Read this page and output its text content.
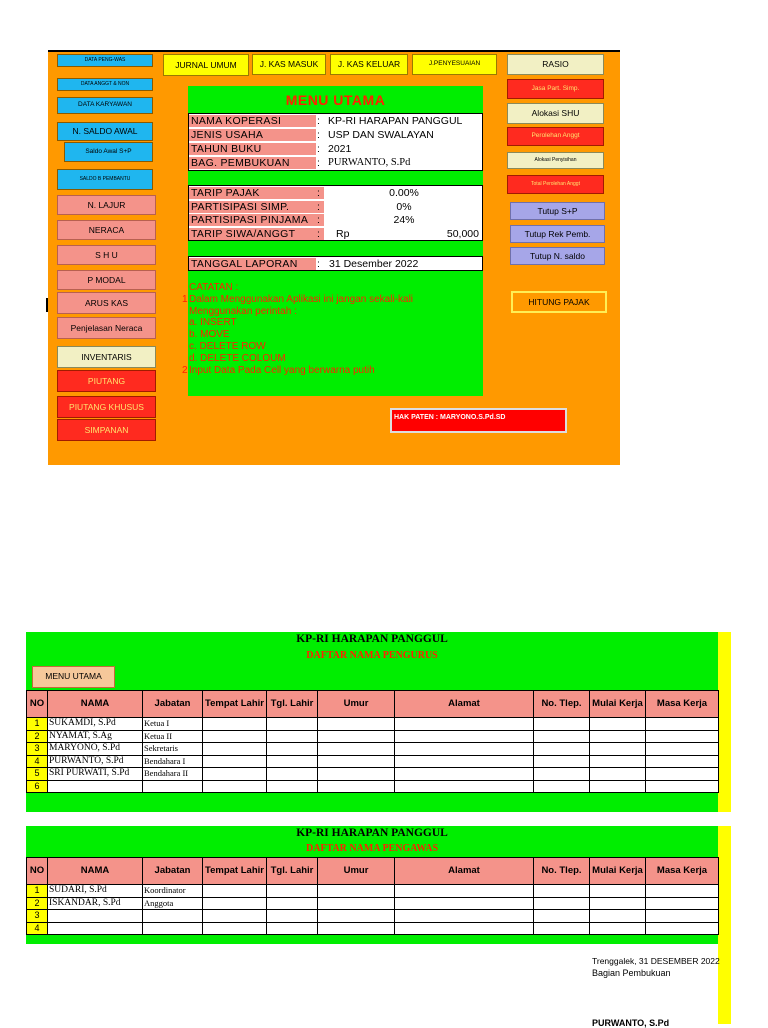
DATA PENG-WAS
DATA ANGGT & NON
DATA KARYAWAN
N. SALDO AWAL
Saldo Awal S+P
SALDO B PEMBANTU
N. LAJUR
NERACA
S H U
P MODAL
ARUS KAS
Penjelasan Neraca
INVENTARIS
PIUTANG
PIUTANG KHUSUS
SIMPANAN
JURNAL UMUM	J. KAS MASUK	J. KAS KELUAR	J.PENYESUAIAN	RASIO
Jasa Part. Simp.
Alokasi SHU
Perolehan Anggt
Alokasi Penyisihan
Total Perolehan Anggt
Tutup S+P
Tutup Rek Pemb.
Tutup N. saldo
HITUNG PAJAK
MENU UTAMA
NAMA KOPERASI	: KP-RI HARAPAN PANGGUL
JENIS USAHA	: USP DAN SWALAYAN
TAHUN BUKU	: 2021
BAG. PEMBUKUAN	: PURWANTO, S.Pd
TARIP PAJAK	:	0.00%
PARTISIPASI SIMP.	:	0%
PARTISIPASI PINJAMA :	24%
TARIP SIWA/ANGGT	: Rp	50,000
TANGGAL LAPORAN	: 31 Desember 2022
CATATAN :
1 Dalam Menggunakan Aplikasi ini jangan sekali-kali
Menggunakan perintah :
a. INSERT
b. MOVE
c. DELETE ROW
d. DELETE COLOUM
2 Input Data Pada Cell yang berwarna putih
HAK PATEN : MARYONO.S.Pd.SD
KP-RI HARAPAN PANGGUL
DAFTAR NAMA PENGURUS
MENU UTAMA
NO	NAMA	Jabatan	Tempat Lahir	Tgl. Lahir	Umur	Alamat	No. Tlep.	Mulai Kerja	Masa Kerja
1	SUKAMDI, S.Pd	Ketua I							
2	NYAMAT, S.Ag	Ketua II							
3	MARYONO, S.Pd	Sekretaris							
4	PURWANTO, S.Pd	Bendahara I							
5	SRI PURWATI, S.Pd	Bendahara II							
6									
KP-RI HARAPAN PANGGUL
DAFTAR NAMA PENGAWAS
NO	NAMA	Jabatan	Tempat Lahir	Tgl. Lahir	Umur	Alamat	No. Tlep.	Mulai Kerja	Masa Kerja
1	SUDARI, S.Pd	Koordinator							
2	ISKANDAR, S.Pd	Anggota							
3									
4									
Trenggalek, 31 DESEMBER 2022
Bagian Pembukuan
PURWANTO, S.Pd
